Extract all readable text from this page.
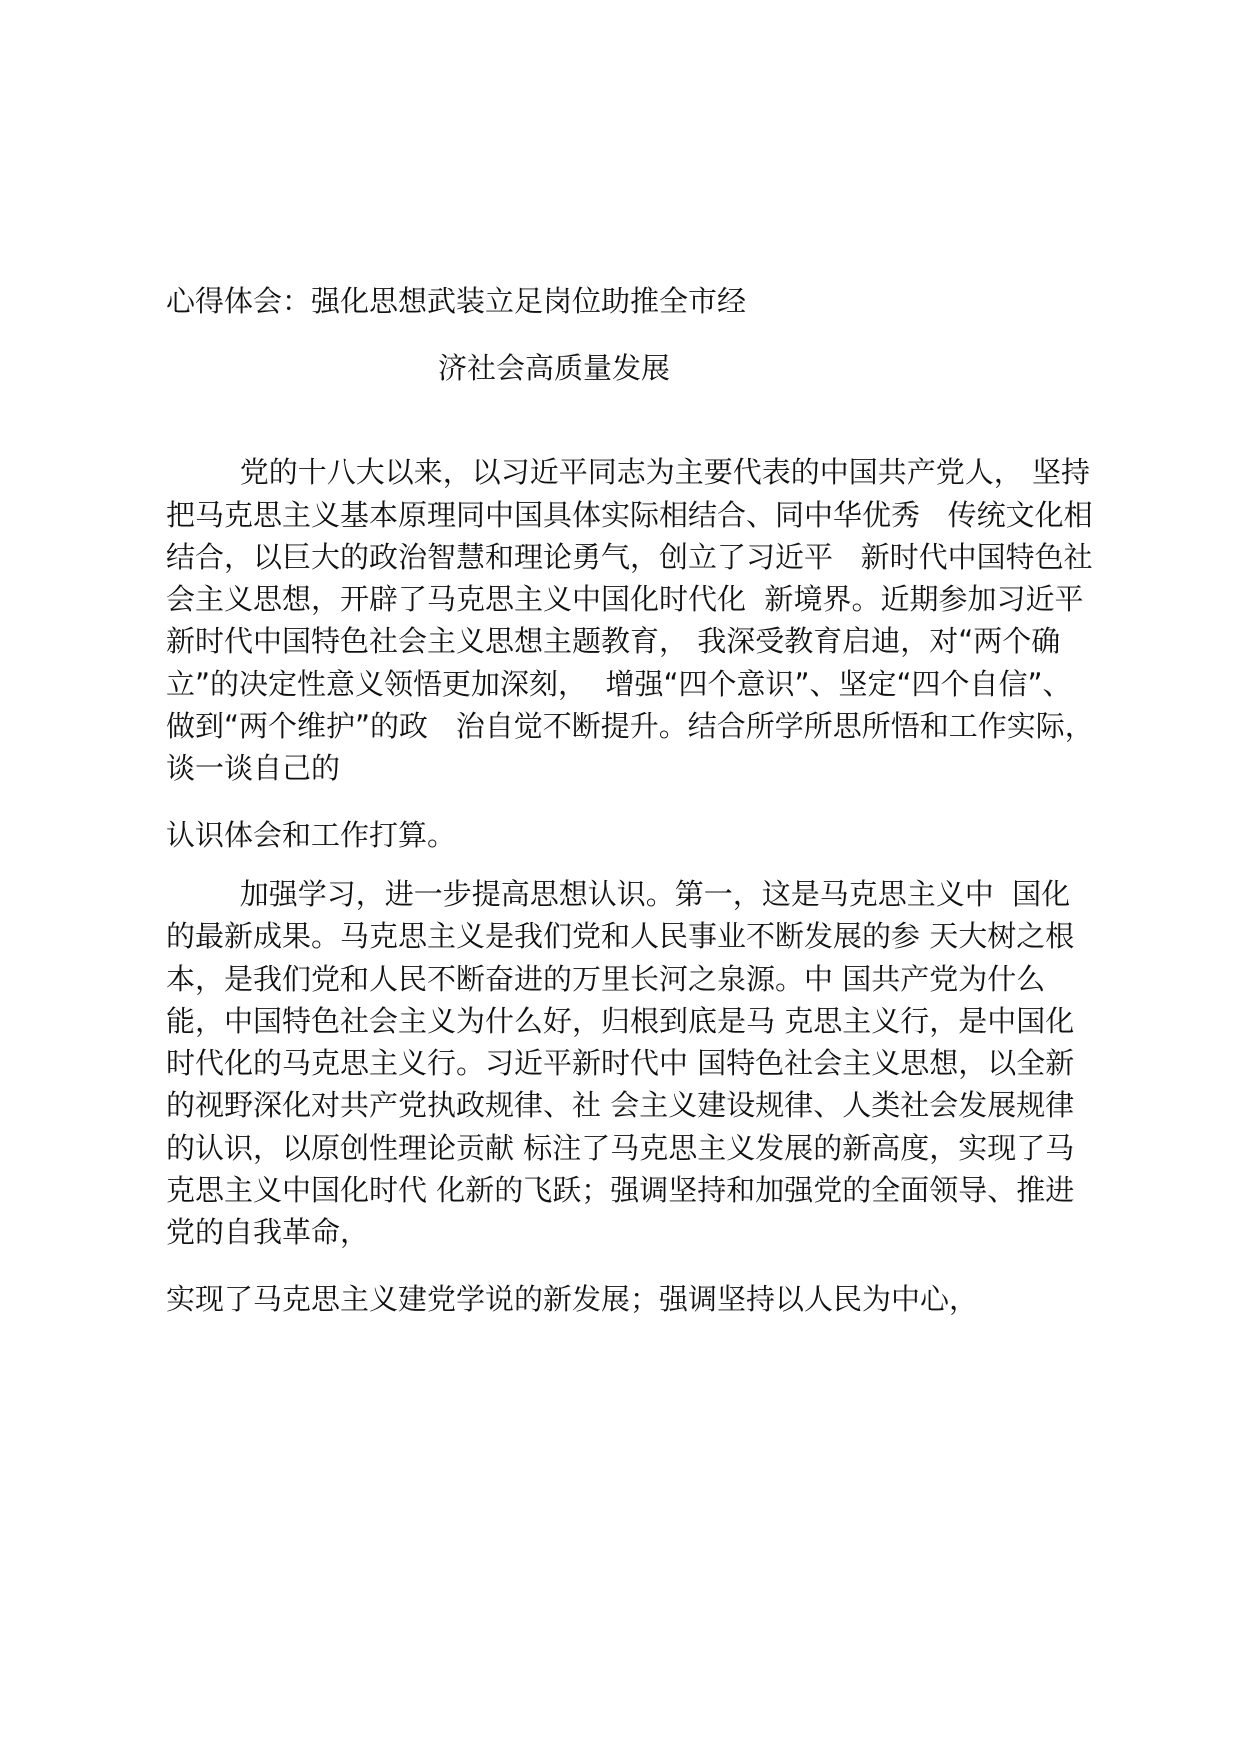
心得体会：强化思想武装立足岗位助推全市经
济社会高质量发展
党的十八大以来，以习近平同志为主要代表的中国共产党人， 坚持
把马克思主义基本原理同中国具体实际相结合、同中华优秀   传统文化相
结合，以巨大的政治智慧和理论勇气，创立了习近平   新时代中国特色社
会主义思想，开辟了马克思主义中国化时代化  新境界。近期参加习近平
新时代中国特色社会主义思想主题教育， 我深受教育启迪，对“两个确
立”的决定性意义领悟更加深刻，  增强“四个意识”、坚定“四个自信”、
做到“两个维护”的政   治自觉不断提升。结合所学所思所悟和工作实际，
谈一谈自己的
认识体会和工作打算。
加强学习，进一步提高思想认识。第一，这是马克思主义中  国化
的最新成果。马克思主义是我们党和人民事业不断发展的参 天大树之根
本，是我们党和人民不断奋进的万里长河之泉源。中 国共产党为什么
能，中国特色社会主义为什么好，归根到底是马 克思主义行，是中国化
时代化的马克思主义行。习近平新时代中 国特色社会主义思想，以全新
的视野深化对共产党执政规律、社 会主义建设规律、人类社会发展规律
的认识，以原创性理论贡献 标注了马克思主义发展的新高度，实现了马
克思主义中国化时代 化新的飞跃；强调坚持和加强党的全面领导、推进
党的自我革命，
实现了马克思主义建党学说的新发展；强调坚持以人民为中心，
